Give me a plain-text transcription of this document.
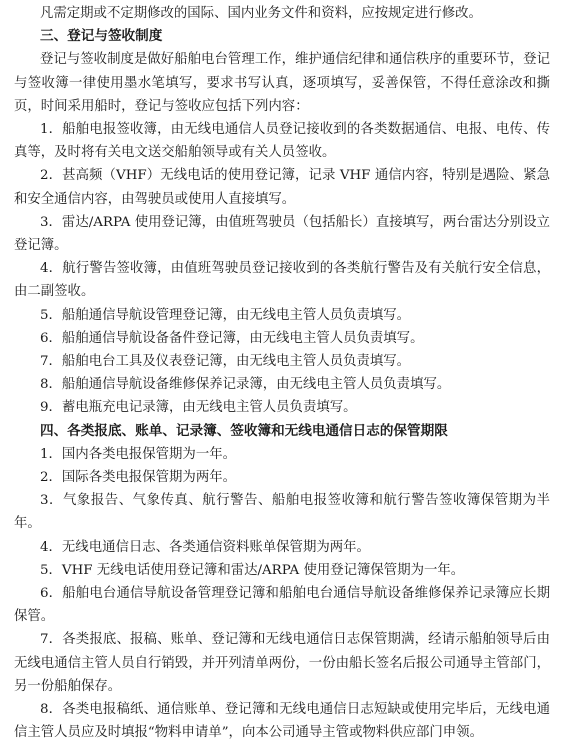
凡需定期或不定期修改的国际、国内业务文件和资料，应按规定进行修改。

三、登记与签收制度

登记与签收制度是做好船舶电台管理工作，维护通信纪律和通信秩序的重要环节，登记与签收簿一律使用墨水笔填写，要求书写认真，逐项填写，妥善保管，不得任意涂改和撕页，时间采用船时，登记与签收应包括下列内容：

1．船舶电报签收簿，由无线电通信人员登记接收到的各类数据通信、电报、电传、传真等，及时将有关电文送交船舶领导或有关人员签收。

2．甚高频（VHF）无线电话的使用登记簿，记录 VHF 通信内容，特别是遇险、紧急和安全通信内容，由驾驶员或使用人直接填写。

3．雷达/ARPA 使用登记簿，由值班驾驶员（包括船长）直接填写，两台雷达分别设立登记簿。

4．航行警告签收簿，由值班驾驶员登记接收到的各类航行警告及有关航行安全信息，由二副签收。

5．船舶通信导航设管理登记簿，由无线电主管人员负责填写。

6．船舶通信导航设备备件登记簿，由无线电主管人员负责填写。

7．船舶电台工具及仪表登记簿，由无线电主管人员负责填写。

8．船舶通信导航设备维修保养记录簿，由无线电主管人员负责填写。

9．蓄电瓶充电记录簿，由无线电主管人员负责填写。

四、各类报底、账单、记录簿、签收簿和无线电通信日志的保管期限

1．国内各类电报保管期为一年。

2．国际各类电报保管期为两年。

3．气象报告、气象传真、航行警告、船舶电报签收簿和航行警告签收簿保管期为半年。

4．无线电通信日志、各类通信资料账单保管期为两年。

5．VHF 无线电话使用登记簿和雷达/ARPA 使用登记簿保管期为一年。

6．船舶电台通信导航设备管理登记簿和船舶电台通信导航设备维修保养记录簿应长期保管。

7．各类报底、报稿、账单、登记簿和无线电通信日志保管期满，经请示船舶领导后由无线电通信主管人员自行销毁，并开列清单两份，一份由船长签名后报公司通导主管部门，另一份船舶保存。

8．各类电报稿纸、通信账单、登记簿和无线电通信日志短缺或使用完毕后，无线电通信主管人员应及时填报“物料申请单”，向本公司通导主管或物料供应部门申领。
